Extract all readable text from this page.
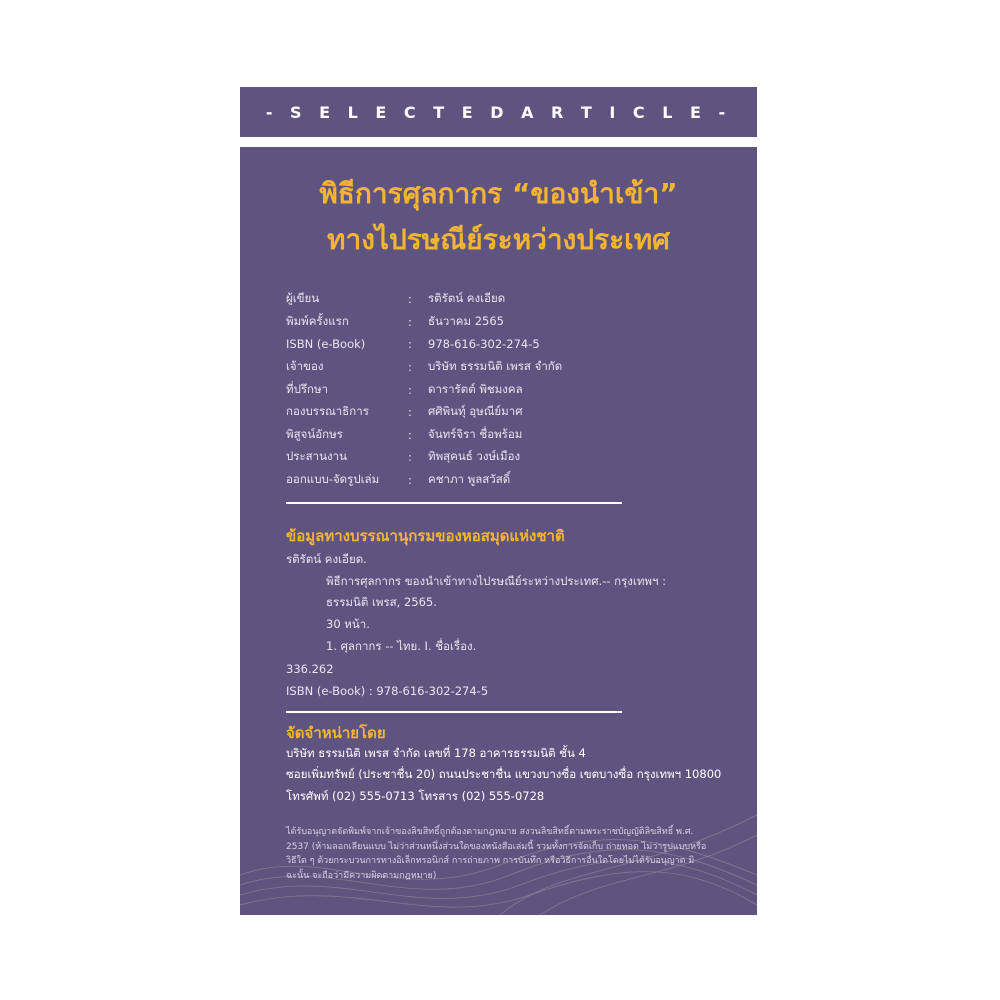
- S E L E C T E D A R T I C L E -
พิธีการศุลกากร “ของนำเข้า”
ทางไปรษณีย์ระหว่างประเทศ
ผู้เขียน	:	รติรัตน์ คงเอียด
พิมพ์ครั้งแรก	:	ธันวาคม 2565
ISBN (e-Book)	:	978-616-302-274-5
เจ้าของ	:	บริษัท ธรรมนิติ เพรส จำกัด
ที่ปรึกษา	:	ดารารัตต์ พิชมงคล
กองบรรณาธิการ	:	ศศิพินทุ์ อุษณีย์มาศ
พิสูจน์อักษร	:	จันทร์จิรา ชื่อพร้อม
ประสานงาน	:	ทิพสุคนธ์ วงษ์เมือง
ออกแบบ-จัดรูปเล่ม	:	คชาภา พูลสวัสดิ์
ข้อมูลทางบรรณานุกรมของหอสมุดแห่งชาติ
รติรัตน์ คงเอียด.
พิธีการศุลกากร ของนำเข้าทางไปรษณีย์ระหว่างประเทศ.-- กรุงเทพฯ :
ธรรมนิติ เพรส, 2565.
30 หน้า.
1. ศุลกากร -- ไทย. I. ชื่อเรื่อง.
336.262
ISBN (e-Book) : 978-616-302-274-5
จัดจำหน่ายโดย
บริษัท ธรรมนิติ เพรส จำกัด เลขที่ 178 อาคารธรรมนิติ ชั้น 4
ซอยเพิ่มทรัพย์ (ประชาชื่น 20) ถนนประชาชื่น แขวงบางซื่อ เขตบางซื่อ กรุงเทพฯ 10800
โทรศัพท์ (02) 555-0713 โทรสาร (02) 555-0728
ได้รับอนุญาตจัดพิมพ์จากเจ้าของลิขสิทธิ์ถูกต้องตามกฎหมาย สงวนลิขสิทธิ์ตามพระราชบัญญัติลิขสิทธิ์ พ.ศ. 2537 (ห้ามลอกเลียนแบบ ไม่ว่าส่วนหนึ่งส่วนใดของหนังสือเล่มนี้ รวมทั้งการจัดเก็บ ถ่ายทอด ไม่ว่ารูปแบบหรือวิธีใด ๆ ด้วยกระบวนการทางอิเล็กทรอนิกส์ การถ่ายภาพ การบันทึก หรือวิธีการอื่นใดโดยไม่ได้รับอนุญาต มิฉะนั้น จะถือว่ามีความผิดตามกฎหมาย)
